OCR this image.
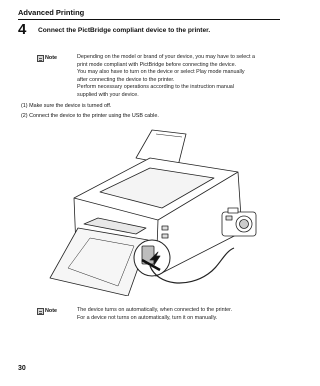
Advanced Printing
4 Connect the PictBridge compliant device to the printer.
Note	Depending on the model or brand of your device, you may have to select a
print mode compliant with PictBridge before connecting the device.
You may also have to turn on the device or select Play mode manually
after connecting the device to the printer.
Perform necessary operations according to the instruction manual
supplied with your device.
(1) Make sure the device is turned off.
(2) Connect the device to the printer using the USB cable.
Note	The device turns on automatically, when connected to the printer.
For a device not turns on automatically, turn it on manually.
30
